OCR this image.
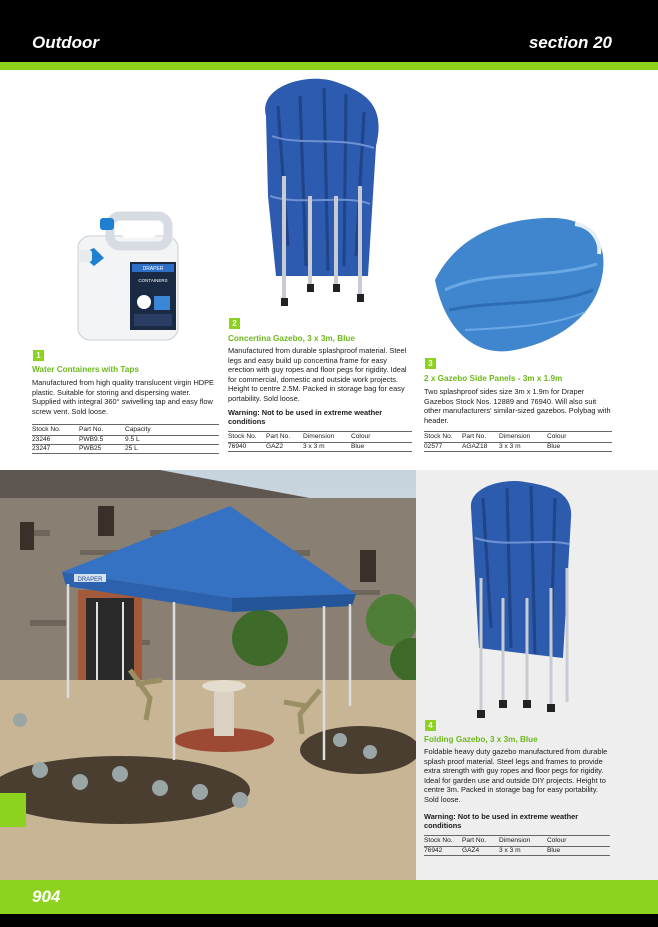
Outdoor	section 20
DRAPER
CONTAINERS
1
Water Containers with Taps
Manufactured from high quality translucent virgin HDPE plastic. Suitable for storing and dispersing water. Supplied with integral 360° swivelling tap and easy flow screw vent. Sold loose.
Stock No.	Part No.	Capacity
23246	PWB9.5	9.5 L
23247	PWB25	25 L
2
Concertina Gazebo, 3 x 3m, Blue
Manufactured from durable splashproof material. Steel legs and easy build up concertina frame for easy erection with guy ropes and floor pegs for rigidity. Ideal for commercial, domestic and outside work projects. Height to centre 2.5M. Packed in storage bag for easy portability. Sold loose.
Warning: Not to be used in extreme weather conditions
Stock No.	Part No.	Dimension	Colour
76940	GAZ2	3 x 3 m	Blue
3
2 x Gazebo Side Panels - 3m x 1.9m
Two splashproof sides size 3m x 1.9m for Draper Gazebos Stock Nos. 12889 and 76940. Will also suit other manufacturers' similar-sized gazebos. Polybag with header.
Stock No.	Part No.	Dimension	Colour
02577	AGAZ18	3 x 3 m	Blue
DRAPER
4
Folding Gazebo, 3 x 3m, Blue
Foldable heavy duty gazebo manufactured from durable splash proof material. Steel legs and frames to provide extra strength with guy ropes and floor pegs for rigidity. Ideal for garden use and outside DIY projects. Height to centre 3m. Packed in storage bag for easy portability. Sold loose.
Warning: Not to be used in extreme weather conditions
Stock No.	Part No.	Dimension	Colour
76942	GAZ4	3 x 3 m	Blue
904
